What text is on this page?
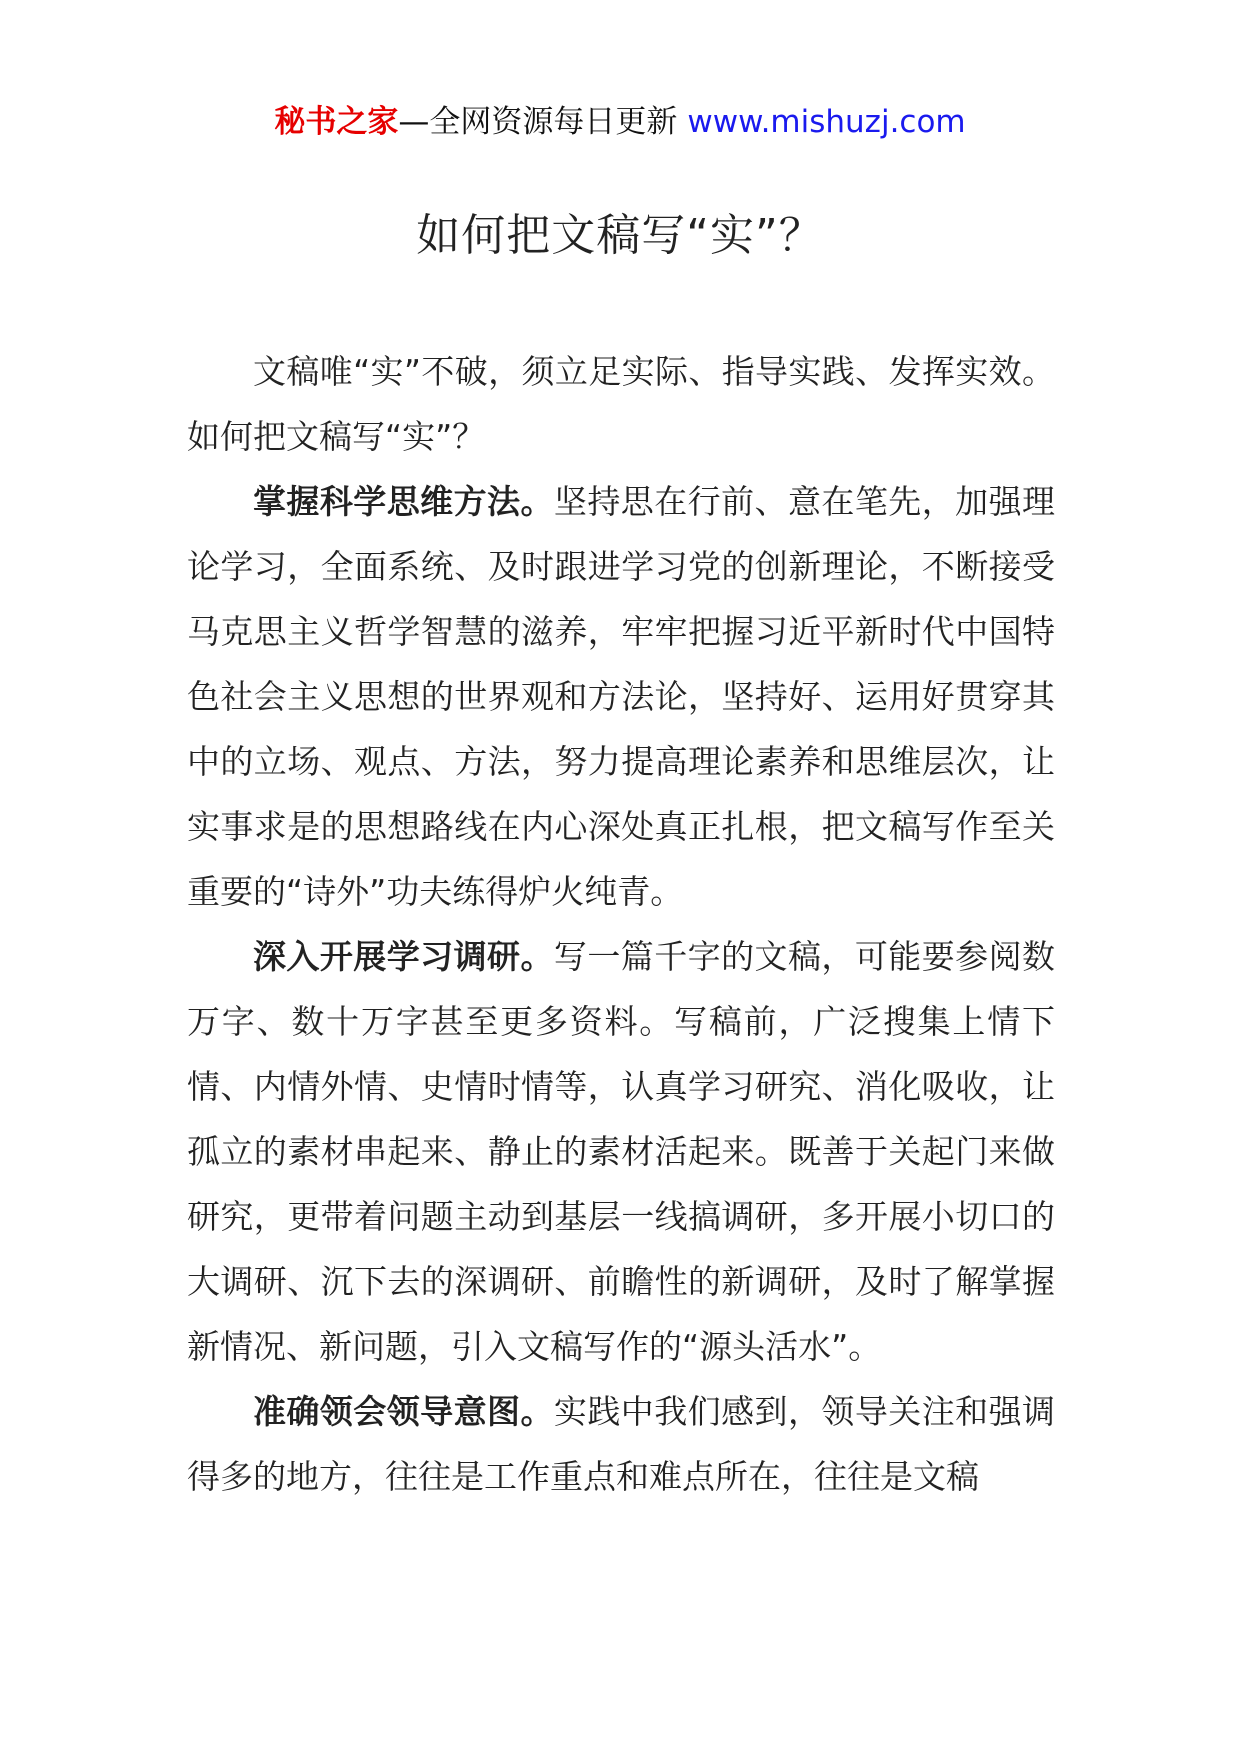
秘书之家—全网资源每日更新 www.mishuzj.com
如何把文稿写“实”？

文稿唯“实”不破，须立足实际、指导实践、发挥实效。如何把文稿写“实”？

掌握科学思维方法。坚持思在行前、意在笔先，加强理论学习，全面系统、及时跟进学习党的创新理论，不断接受马克思主义哲学智慧的滋养，牢牢把握习近平新时代中国特色社会主义思想的世界观和方法论，坚持好、运用好贯穿其中的立场、观点、方法，努力提高理论素养和思维层次，让实事求是的思想路线在内心深处真正扎根，把文稿写作至关重要的“诗外”功夫练得炉火纯青。

深入开展学习调研。写一篇千字的文稿，可能要参阅数万字、数十万字甚至更多资料。写稿前，广泛搜集上情下情、内情外情、史情时情等，认真学习研究、消化吸收，让孤立的素材串起来、静止的素材活起来。既善于关起门来做研究，更带着问题主动到基层一线搞调研，多开展小切口的大调研、沉下去的深调研、前瞻性的新调研，及时了解掌握新情况、新问题，引入文稿写作的“源头活水”。

准确领会领导意图。实践中我们感到，领导关注和强调得多的地方，往往是工作重点和难点所在，往往是文稿
